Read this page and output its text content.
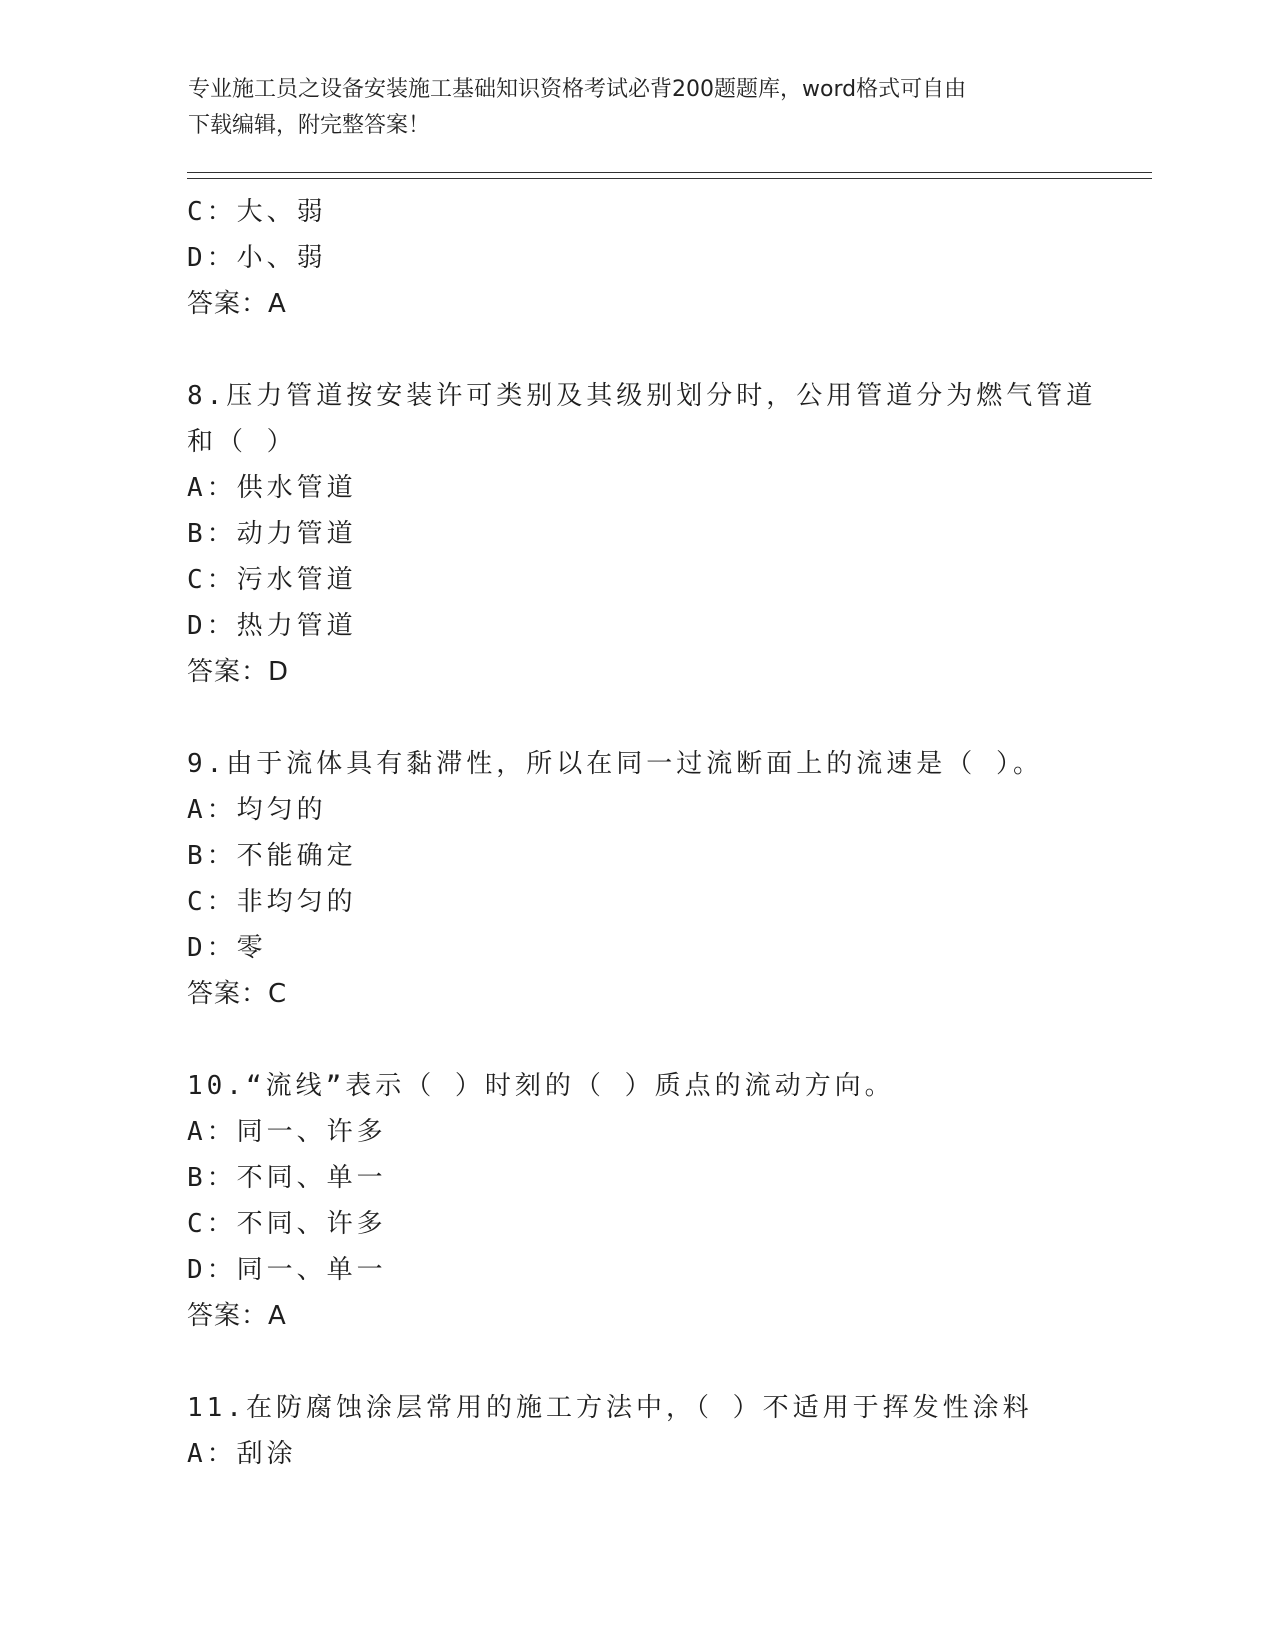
专业施工员之设备安装施工基础知识资格考试必背200题题库，word格式可自由
下载编辑，附完整答案！
C：大、弱
D：小、弱
答案：A
8.压力管道按安装许可类别及其级别划分时，公用管道分为燃气管道
和（ ）
A：供水管道
B：动力管道
C：污水管道
D：热力管道
答案：D
9.由于流体具有黏滞性，所以在同一过流断面上的流速是（ ）。
A：均匀的
B：不能确定
C：非均匀的
D：零
答案：C
10.“流线”表示（ ）时刻的（ ）质点的流动方向。
A：同一、许多
B：不同、单一
C：不同、许多
D：同一、单一
答案：A
11.在防腐蚀涂层常用的施工方法中，（ ）不适用于挥发性涂料
A：刮涂
